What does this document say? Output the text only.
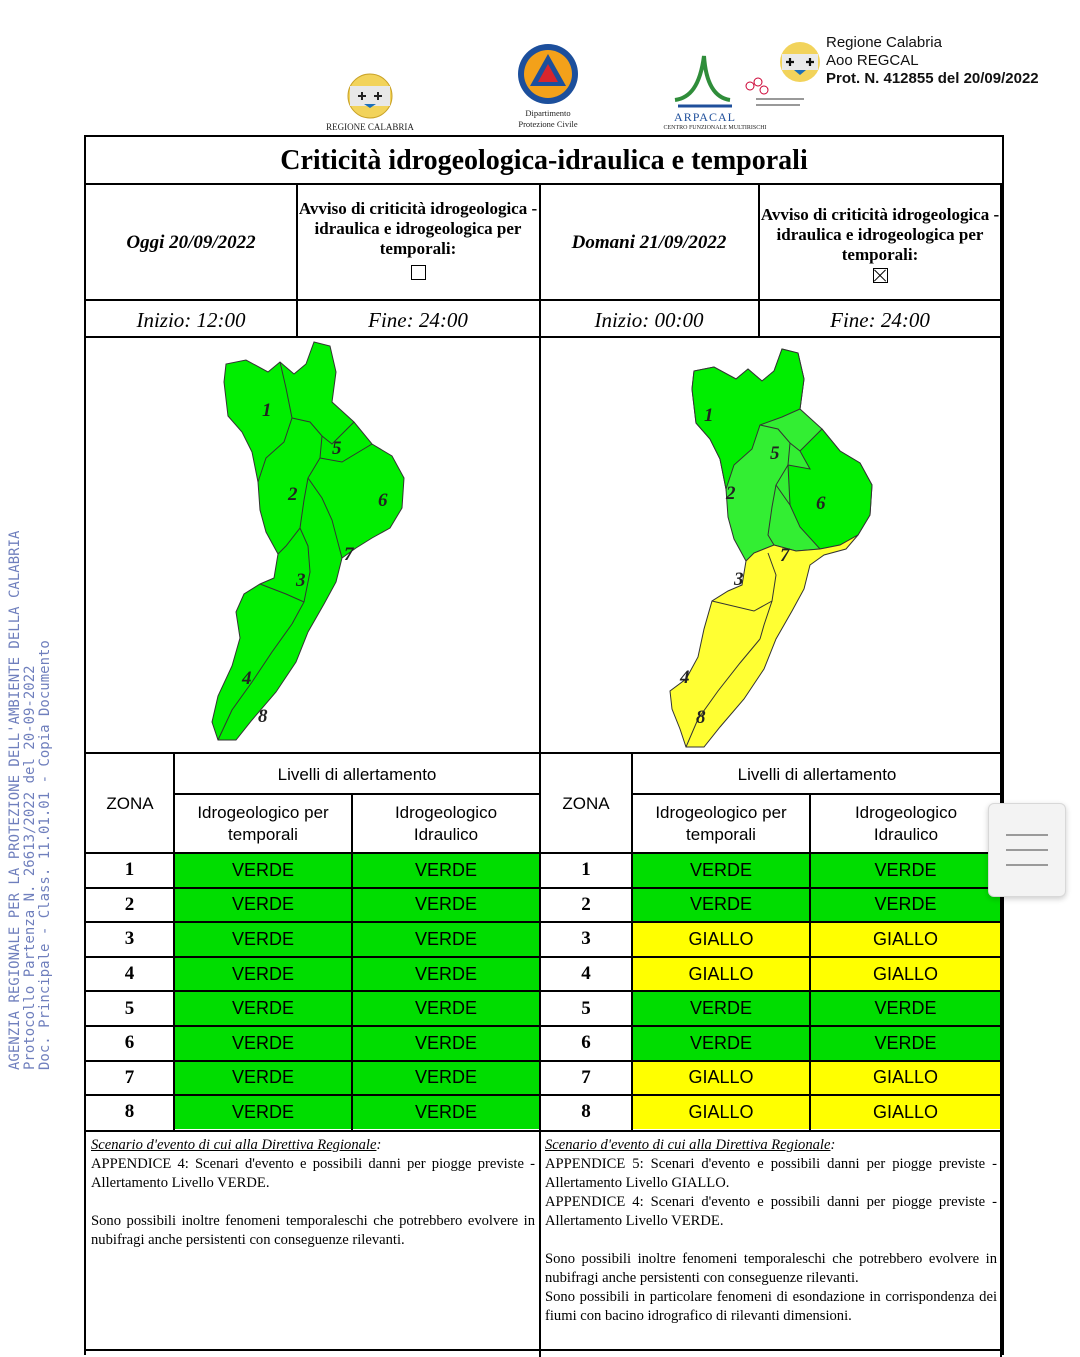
REGIONE CALABRIA
Dipartimento
Protezione Civile	ARPACAL
CENTRO FUNZIONALE MULTIRISCHI
Regione Calabria
Aoo REGCAL
Prot. N. 412855 del 20/09/2022
AGENZIA REGIONALE PER LA PROTEZIONE DELL'AMBIENTE DELLA CALABRIA Protocollo Partenza N. 26613/2022 del 20-09-2022 Doc. Principale - Class. 11.01.01 - Copia Documento
Criticità idrogeologica-idraulica e temporali
Oggi 20/09/2022
Avviso di criticità idrogeologica - idraulica e idrogeologica per temporali:	Domani 21/09/2022
Avviso di criticità idrogeologica - idraulica e idrogeologica per temporali:
Inizio: 12:00	Fine: 24:00	Inizio: 00:00	Fine: 24:00
1
2
3
4
5
6
7
8
1
2
3
4
5
6
7
8
ZONA
Livelli di allertamento
Idrogeologico per temporali
Idrogeologico Idraulico
ZONA
Livelli di allertamento
Idrogeologico per temporali
Idrogeologico Idraulico
Scenario d'evento di cui alla Direttiva Regionale:

APPENDICE 4: Scenari d'evento e possibili danni per piogge previste - Allertamento Livello VERDE.

Sono possibili inoltre fenomeni temporaleschi che potrebbero evolvere in nubifragi anche persistenti con conseguenze rilevanti.

Scenario d'evento di cui alla Direttiva Regionale:

APPENDICE 5: Scenari d'evento e possibili danni per piogge previste - Allertamento Livello GIALLO.

APPENDICE 4: Scenari d'evento e possibili danni per piogge previste - Allertamento Livello VERDE.

Sono possibili inoltre fenomeni temporaleschi che potrebbero evolvere in nubifragi anche persistenti con conseguenze rilevanti.

Sono possibili in particolare fenomeni di esondazione in corrispondenza dei fiumi con bacino idrografico di rilevanti dimensioni.

1	VERDE	VERDE
2	VERDE	VERDE
3	VERDE	VERDE
4	VERDE	VERDE
5	VERDE	VERDE
6	VERDE	VERDE
7	VERDE	VERDE
8	VERDE	VERDE
1	VERDE	VERDE
2	VERDE	VERDE
3	GIALLO	GIALLO
4	GIALLO	GIALLO
5	VERDE	VERDE
6	VERDE	VERDE
7	GIALLO	GIALLO
8	GIALLO	GIALLO
